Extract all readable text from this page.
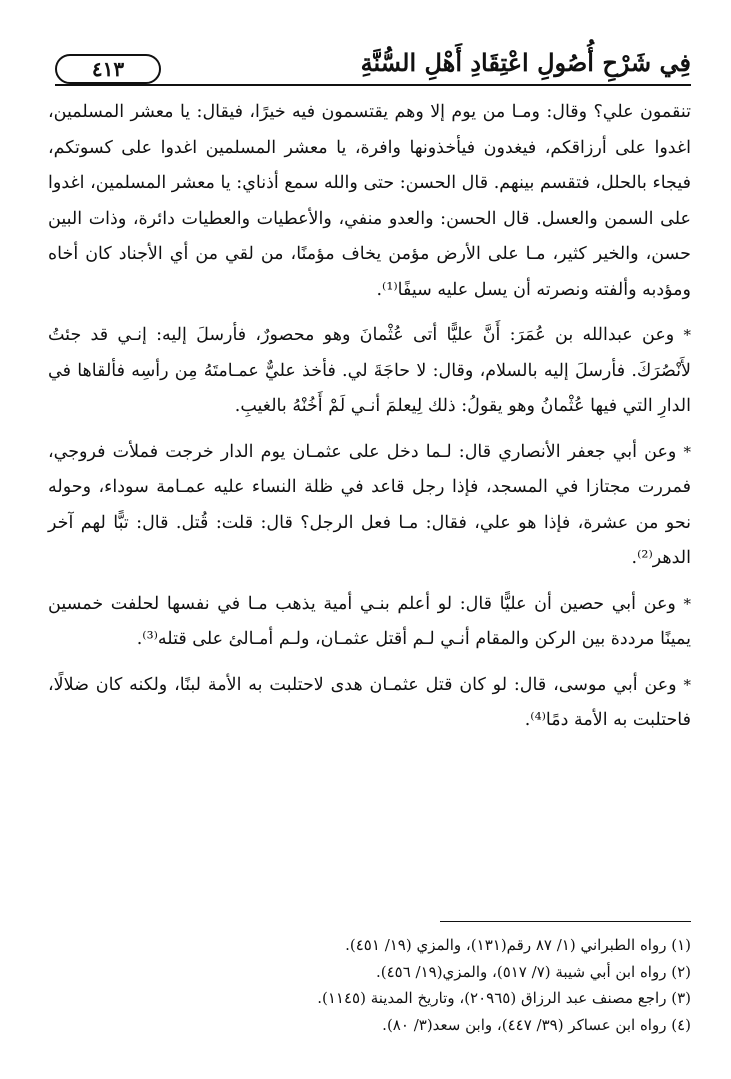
٤١٣	فِي شَرْحِ أُصُولِ اعْتِقَادِ أَهْلِ السُّنَّةِ

تنقمون علي؟ وقال: ومـا من يوم إلا وهم يقتسمون فيه خيرًا، فيقال: يا معشر المسلمين، اغدوا على أرزاقكم، فيغدون فيأخذونها وافرة، يا معشر المسلمين اغدوا على كسوتكم، فيجاء بالحلل، فتقسم بينهم. قال الحسن: حتى والله سمع أذناي: يا معشر المسلمين، اغدوا على السمن والعسل. قال الحسن: والعدو منفي، والأعطيات والعطيات دائرة، وذات البين حسن، والخير كثير، مـا على الأرض مؤمن يخاف مؤمنًا، من لقي من أي الأجناد كان أخاه ومؤدبه وألفته ونصرته أن يسل عليه سيفًا⁽¹⁾.

* وعن عبدالله بن عُمَرَ: أَنَّ عليًّا أتى عُثْمانَ وهو محصورٌ، فأرسلَ إليه: إنـي قد جئتُ لأَنْصُرَكَ. فأرسلَ إليه بالسلام، وقال: لا حاجَةَ لي. فأخذ عليٌّ عمـامتَهُ مِن رأسِه فألقاها في الدارِ التي فيها عُثْمانُ وهو يقولُ: ذلك لِيعلمَ أنـي لَمْ أَخُنْهُ بالغيبِ.

* وعن أبي جعفر الأنصاري قال: لـما دخل على عثمـان يوم الدار خرجت فملأت فروجي، فمررت مجتازا في المسجد، فإذا رجل قاعد في ظلة النساء عليه عمـامة سوداء، وحوله نحو من عشرة، فإذا هو علي، فقال: مـا فعل الرجل؟ قال: قلت: قُتل. قال: تبًّا لهم آخر الدهر⁽²⁾.

* وعن أبي حصين أن عليًّا قال: لو أعلم بنـي أمية يذهب مـا في نفسها لحلفت خمسين يمينًا مرددة بين الركن والمقام أنـي لـم أقتل عثمـان، ولـم أمـالئ على قتله⁽³⁾.

* وعن أبي موسى، قال: لو كان قتل عثمـان هدى لاحتلبت به الأمة لبنًا، ولكنه كان ضلالًا، فاحتلبت به الأمة دمًا⁽⁴⁾.

(١) رواه الطبراني (١/ ٨٧ رقم(١٣١)، والمزي (١٩/ ٤٥١).
(٢) رواه ابن أبي شيبة (٧/ ٥١٧)، والمزي(١٩/ ٤٥٦).
(٣) راجع مصنف عبد الرزاق (٢٠٩٦٥)، وتاريخ المدينة (١١٤٥).
(٤) رواه ابن عساكر (٣٩/ ٤٤٧)، وابن سعد(٣/ ٨٠).
